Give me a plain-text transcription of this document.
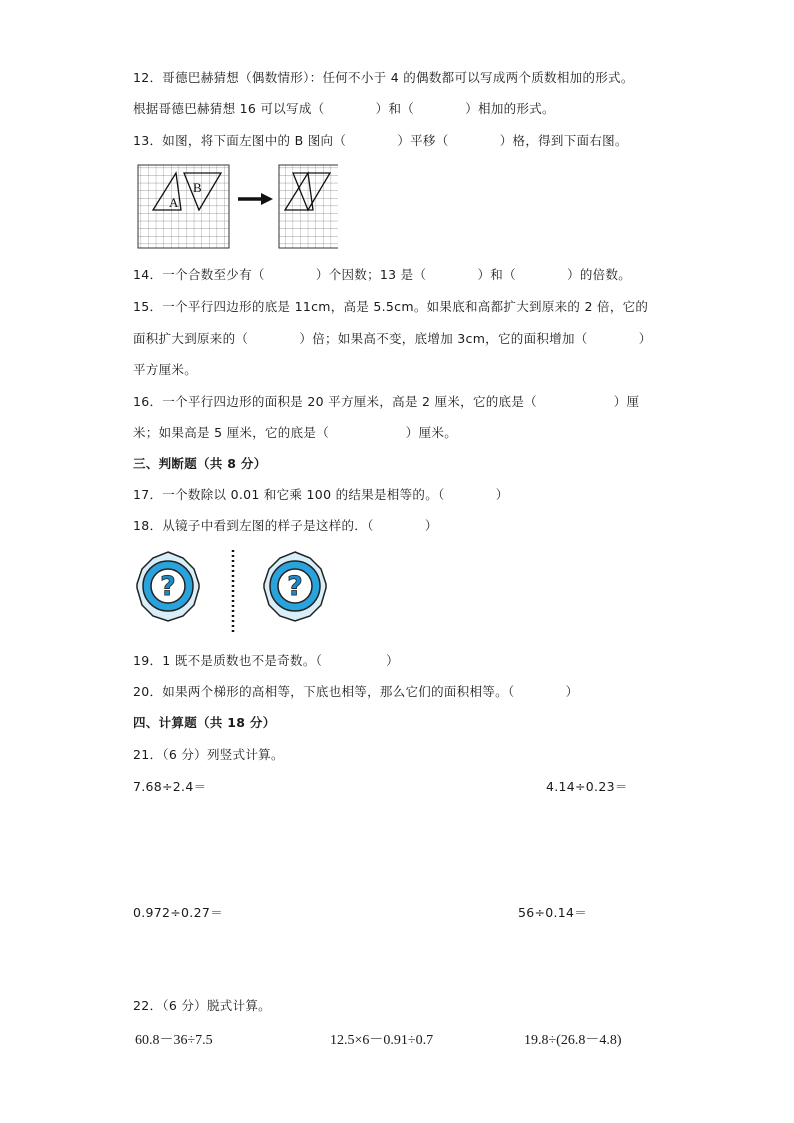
12．哥德巴赫猜想（偶数情形）：任何不小于 4 的偶数都可以写成两个质数相加的形式。
根据哥德巴赫猜想 16 可以写成（　　　　）和（　　　　）相加的形式。
13．如图，将下面左图中的 B 图向（　　　　）平移（　　　　）格，得到下面右图。
A
B
14．一个合数至少有（　　　　）个因数；13 是（　　　　）和（　　　　）的倍数。
15．一个平行四边形的底是 11cm，高是 5.5cm。如果底和高都扩大到原来的 2 倍，它的
面积扩大到原来的（　　　　）倍；如果高不变，底增加 3cm，它的面积增加（　　　　）
平方厘米。
16．一个平行四边形的面积是 20 平方厘米，高是 2 厘米，它的底是（　　　　　　）厘
米；如果高是 5 厘米，它的底是（　　　　　　）厘米。
三、判断题（共 8 分）
17．一个数除以 0.01 和它乘 100 的结果是相等的。（　　　　）
18．从镜子中看到左图的样子是这样的．（　　　　）
?	?
19．1 既不是质数也不是奇数。（　　　　　）
20．如果两个梯形的高相等，下底也相等，那么它们的面积相等。（　　　　）
四、计算题（共 18 分）
21．（6 分）列竖式计算。
7.68÷2.4＝	4.14÷0.23＝
0.972÷0.27＝	56÷0.14＝
22．（6 分）脱式计算。
60.8－36÷7.5	12.5×6－0.91÷0.7	19.8÷(26.8－4.8)
